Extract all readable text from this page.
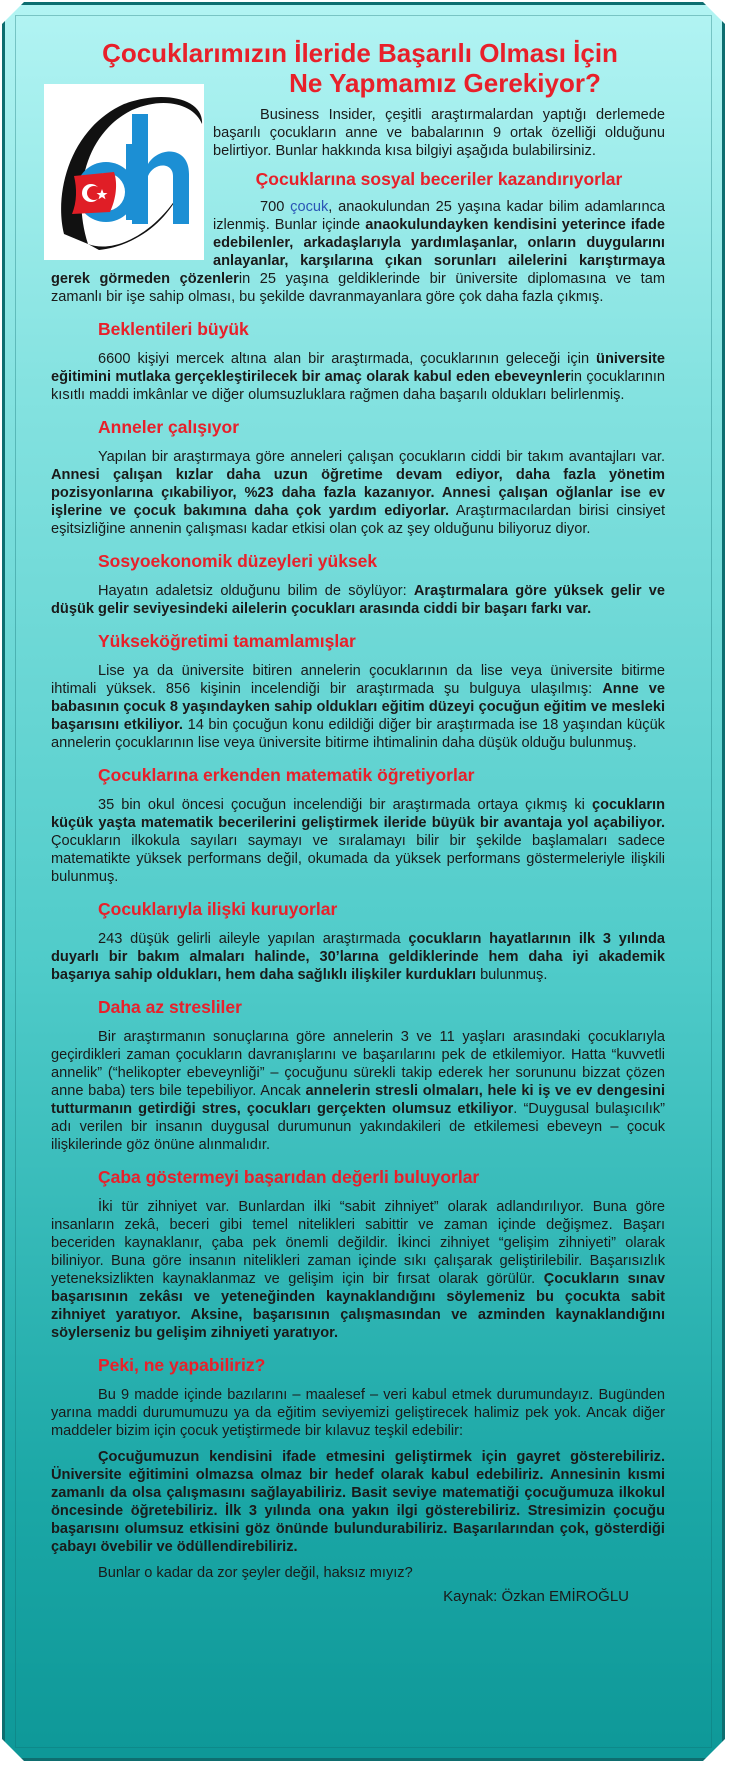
Çocuklarımızın İleride Başarılı Olması İçin
Ne Yapmamız Gerekiyor?

Business Insider, çeşitli araştırmalardan yaptığı derlemede başarılı çocukların anne ve babalarının 9 ortak özelliği olduğunu belirtiyor. Bunlar hakkında kısa bilgiyi aşağıda bulabilirsiniz.

Çocuklarına sosyal beceriler kazandırıyorlar

700 çocuk, anaokulundan 25 yaşına kadar bilim adamlarınca izlenmiş. Bunlar içinde anaokulundayken kendisini yeterince ifade edebilenler, arkadaşlarıyla yardımlaşanlar, onların duygularını anlayanlar, karşılarına çıkan sorunları ailelerini karıştırmaya gerek görmeden çözenlerin 25 yaşına geldiklerinde bir üniversite diplomasına ve tam zamanlı bir işe sahip olması, bu şekilde davranmayanlara göre çok daha fazla çıkmış.

Beklentileri büyük

6600 kişiyi mercek altına alan bir araştırmada, çocuklarının geleceği için üniversite eğitimini mutlaka gerçekleştirilecek bir amaç olarak kabul eden ebeveynlerin çocuklarının kısıtlı maddi imkânlar ve diğer olumsuzluklara rağmen daha başarılı oldukları belirlenmiş.

Anneler çalışıyor

Yapılan bir araştırmaya göre anneleri çalışan çocukların ciddi bir takım avantajları var. Annesi çalışan kızlar daha uzun öğretime devam ediyor, daha fazla yönetim pozisyonlarına çıkabiliyor, %23 daha fazla kazanıyor. Annesi çalışan oğlanlar ise ev işlerine ve çocuk bakımına daha çok yardım ediyorlar. Araştırmacılardan birisi cinsiyet eşitsizliğine annenin çalışması kadar etkisi olan çok az şey olduğunu biliyoruz diyor.

Sosyoekonomik düzeyleri yüksek

Hayatın adaletsiz olduğunu bilim de söylüyor: Araştırmalara göre yüksek gelir ve düşük gelir seviyesindeki ailelerin çocukları arasında ciddi bir başarı farkı var.

Yükseköğretimi tamamlamışlar

Lise ya da üniversite bitiren annelerin çocuklarının da lise veya üniversite bitirme ihtimali yüksek. 856 kişinin incelendiği bir araştırmada şu bulguya ulaşılmış: Anne ve babasının çocuk 8 yaşındayken sahip oldukları eğitim düzeyi çocuğun eğitim ve mesleki başarısını etkiliyor. 14 bin çocuğun konu edildiği diğer bir araştırmada ise 18 yaşından küçük annelerin çocuklarının lise veya üniversite bitirme ihtimalinin daha düşük olduğu bulunmuş.

Çocuklarına erkenden matematik öğretiyorlar

35 bin okul öncesi çocuğun incelendiği bir araştırmada ortaya çıkmış ki çocukların küçük yaşta matematik becerilerini geliştirmek ileride büyük bir avantaja yol açabiliyor. Çocukların ilkokula sayıları saymayı ve sıralamayı bilir bir şekilde başlamaları sadece matematikte yüksek performans değil, okumada da yüksek performans göstermeleriyle ilişkili bulunmuş.

Çocuklarıyla ilişki kuruyorlar

243 düşük gelirli aileyle yapılan araştırmada çocukların hayatlarının ilk 3 yılında duyarlı bir bakım almaları halinde, 30’larına geldiklerinde hem daha iyi akademik başarıya sahip oldukları, hem daha sağlıklı ilişkiler kurdukları bulunmuş.

Daha az stresliler

Bir araştırmanın sonuçlarına göre annelerin 3 ve 11 yaşları arasındaki çocuklarıyla geçirdikleri zaman çocukların davranışlarını ve başarılarını pek de etkilemiyor. Hatta “kuvvetli annelik” (“helikopter ebeveynliği” – çocuğunu sürekli takip ederek her sorununu bizzat çözen anne baba) ters bile tepebiliyor. Ancak annelerin stresli olmaları, hele ki iş ve ev dengesini tutturmanın getirdiği stres, çocukları gerçekten olumsuz etkiliyor. “Duygusal bulaşıcılık” adı verilen bir insanın duygusal durumunun yakındakileri de etkilemesi ebeveyn – çocuk ilişkilerinde göz önüne alınmalıdır.

Çaba göstermeyi başarıdan değerli buluyorlar

İki tür zihniyet var. Bunlardan ilki “sabit zihniyet” olarak adlandırılıyor. Buna göre insanların zekâ, beceri gibi temel nitelikleri sabittir ve zaman içinde değişmez. Başarı beceriden kaynaklanır, çaba pek önemli değildir. İkinci zihniyet “gelişim zihniyeti” olarak biliniyor. Buna göre insanın nitelikleri zaman içinde sıkı çalışarak geliştirilebilir. Başarısızlık yeteneksizlikten kaynaklanmaz ve gelişim için bir fırsat olarak görülür. Çocukların sınav başarısının zekâsı ve yeteneğinden kaynaklandığını söylemeniz bu çocukta sabit zihniyet yaratıyor. Aksine, başarısının çalışmasından ve azminden kaynaklandığını söylerseniz bu gelişim zihniyeti yaratıyor.

Peki, ne yapabiliriz?

Bu 9 madde içinde bazılarını – maalesef – veri kabul etmek durumundayız. Bugünden yarına maddi durumumuzu ya da eğitim seviyemizi geliştirecek halimiz pek yok. Ancak diğer maddeler bizim için çocuk yetiştirmede bir kılavuz teşkil edebilir:

Çocuğumuzun kendisini ifade etmesini geliştirmek için gayret gösterebiliriz. Üniversite eğitimini olmazsa olmaz bir hedef olarak kabul edebiliriz. Annesinin kısmi zamanlı da olsa çalışmasını sağlayabiliriz. Basit seviye matematiği çocuğumuza ilkokul öncesinde öğretebiliriz. İlk 3 yılında ona yakın ilgi gösterebiliriz. Stresimizin çocuğu başarısını olumsuz etkisini göz önünde bulundurabiliriz. Başarılarından çok, gösterdiği çabayı övebilir ve ödüllendirebiliriz.

Bunlar o kadar da zor şeyler değil, haksız mıyız?

Kaynak: Özkan EMİROĞLU
